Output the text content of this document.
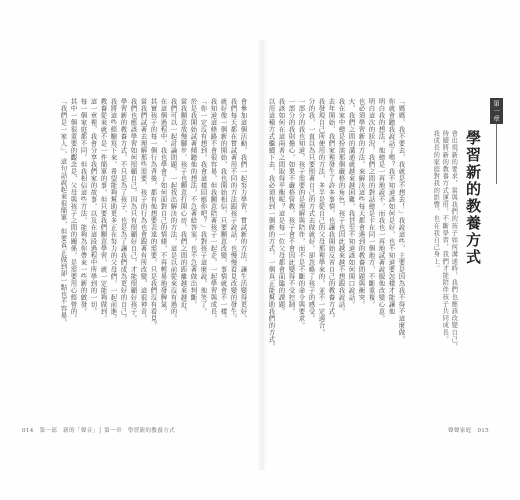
第一章
學習新的教養方式
會出現新的要求，當與我們的孩子如何溝通時，我們也應該改變自己，
持續將新的教養方式運用，不斷學習，我們才能陪伴孩子共同成長。
我成長的家庭對我的影響，也在我自己身上。
「媽媽，我不要去，我就是不想去！」我說這些，主要是因為我不得不這麼做。
你就會聽我說話了嗎？我不知道該如何是好，也不知道要怎樣才能讓他
明白我的想法。他總是一再地說不，而我也一再地試著說服他改變心意。
明白這次的狀況，我們之間的對話總是卡在同一個地方，不斷重複。
也必須學習新的方法，來解決這些每天都會遇到的教養問題與衝突。
大，我們之間的溝通就越來越困難，我甚至不知道該如何開口說話。
我在家中總是扮演那個嚴格的角色，孩子也因此越來越不想跟我說話。
去年開始，我們家裡發生了許多事情，也讓我開始反省自己的教養方式。
我發現自己所使用的方法，多半是從自己的父母那裡學來的，並不一定適合。
分的我，一直以為只要照著自己的方式去做就好，卻忽略了孩子的感受。
一部分的我也知道，孩子需要的是理解與陪伴，而不是不斷的命令與要求。
一部分的我則擔心，如果不嚴格管教，孩子會不會因此變得不受控制。
我該如何在這兩者之間取得平衡呢？這是每一位父母都會面臨的課題。
以用這種方式繼續下去，我必須找到一個新的方式，一個真正能幫助我們的方式。
會參加這個活動，我們一起努力學習，嘗試新的方法，讓生活變得更好。
我們每天都在嘗試著用不同的方法跟孩子說話，也慢慢看見改變的發生。
就好像一個新的開始，我也開始相信，只要願意改變，事情就會不一樣。
我知道這條路不會很容易，但我願意陪著孩子一起走，一起學習與成長。
「你一定沒有想到，我會這樣回應你吧？」我對孩子這麼說，他笑了。
於是我開始試著傾聽他的想法，不急著給答案，也不急著做出判斷。
當我願意放慢腳步，孩子也願意打開心房，我們之間的距離越來越近。
我們可以一起討論問題，一起找出解決的方法，這是以前從來沒有過的。
在這個過程中，我也學會了如何面對自己的情緒，不再輕易地發脾氣。
其實孩子的每一個行為背後，都有他想要表達的需要，只是我們沒有看見。
當我們試著去理解那些需要，孩子的行為也會跟著有所改變，這很神奇。
我們也應該學習如何照顧自己，因為只有照顧好自己，才能照顧好孩子。
學習新的教養方式，不只是為了孩子，也是為了讓我們成為更好的自己。
我將這些經驗寫下來，希望能夠幫助更多正在努力的父母們，一起前進。
教養從來就不是一件簡單的事，但只要我們願意學習，就一定能夠做到。
這一章裡，我會分享我們家的故事，以及在這段過程中所學到的一切。
每一個家庭都不同，但我相信這些方法，能夠為你帶來一些新的啟發。
其中一個很重要的觀念是，父母與孩子之間的關係，是需要用心經營的。
「我們是一家人」，這句話說起來很簡單，但要真正做到卻一點也不容易。
014　第一部　新的「聲音」│ 第一章　學習新的教養方式	聲聲家庭　015
